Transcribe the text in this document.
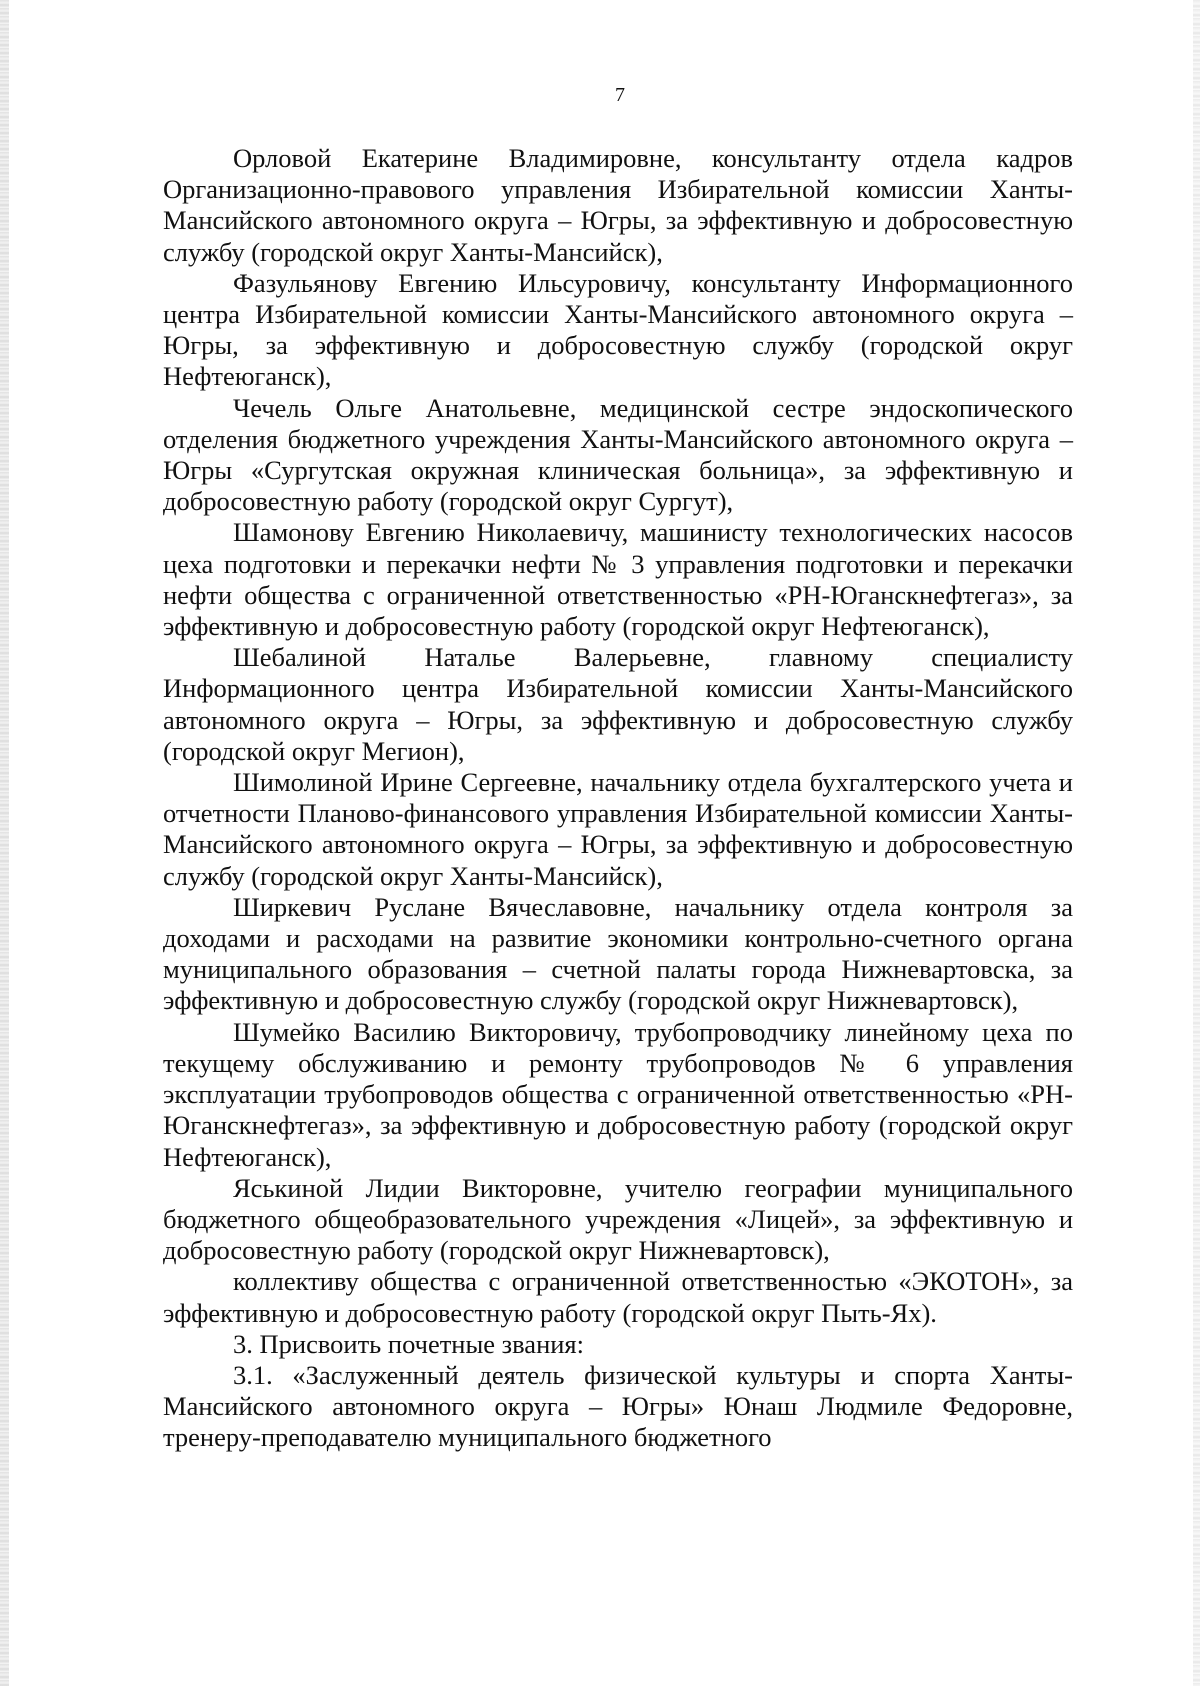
7

Орловой Екатерине Владимировне, консультанту отдела кадров Организационно-правового управления Избирательной комиссии Ханты-Мансийского автономного округа – Югры, за эффективную и добросовестную службу (городской округ Ханты-Мансийск),

Фазульянову Евгению Ильсуровичу, консультанту Информационного центра Избирательной комиссии Ханты-Мансийского автономного округа – Югры, за эффективную и добросовестную службу (городской округ Нефтеюганск),

Чечель Ольге Анатольевне, медицинской сестре эндоскопического отделения бюджетного учреждения Ханты-Мансийского автономного округа – Югры «Сургутская окружная клиническая больница», за эффективную и добросовестную работу (городской округ Сургут),

Шамонову Евгению Николаевичу, машинисту технологических насосов цеха подготовки и перекачки нефти № 3 управления подготовки и перекачки нефти общества с ограниченной ответственностью «РН-Юганскнефтегаз», за эффективную и добросовестную работу (городской округ Нефтеюганск),

Шебалиной Наталье Валерьевне, главному специалисту Информационного центра Избирательной комиссии Ханты-Мансийского автономного округа – Югры, за эффективную и добросовестную службу (городской округ Мегион),

Шимолиной Ирине Сергеевне, начальнику отдела бухгалтерского учета и отчетности Планово-финансового управления Избирательной комиссии Ханты-Мансийского автономного округа – Югры, за эффективную и добросовестную службу (городской округ Ханты-Мансийск),

Ширкевич Руслане Вячеславовне, начальнику отдела контроля за доходами и расходами на развитие экономики контрольно-счетного органа муниципального образования – счетной палаты города Нижневартовска, за эффективную и добросовестную службу (городской округ Нижневартовск),

Шумейко Василию Викторовичу, трубопроводчику линейному цеха по текущему обслуживанию и ремонту трубопроводов № 6 управления эксплуатации трубопроводов общества с ограниченной ответственностью «РН-Юганскнефтегаз», за эффективную и добросовестную работу (городской округ Нефтеюганск),

Яськиной Лидии Викторовне, учителю географии муниципального бюджетного общеобразовательного учреждения «Лицей», за эффективную и добросовестную работу (городской округ Нижневартовск),

коллективу общества с ограниченной ответственностью «ЭКОТОН», за эффективную и добросовестную работу (городской округ Пыть-Ях).

3. Присвоить почетные звания:

3.1. «Заслуженный деятель физической культуры и спорта Ханты-Мансийского автономного округа – Югры» Юнаш Людмиле Федоровне, тренеру-преподавателю муниципального бюджетного
